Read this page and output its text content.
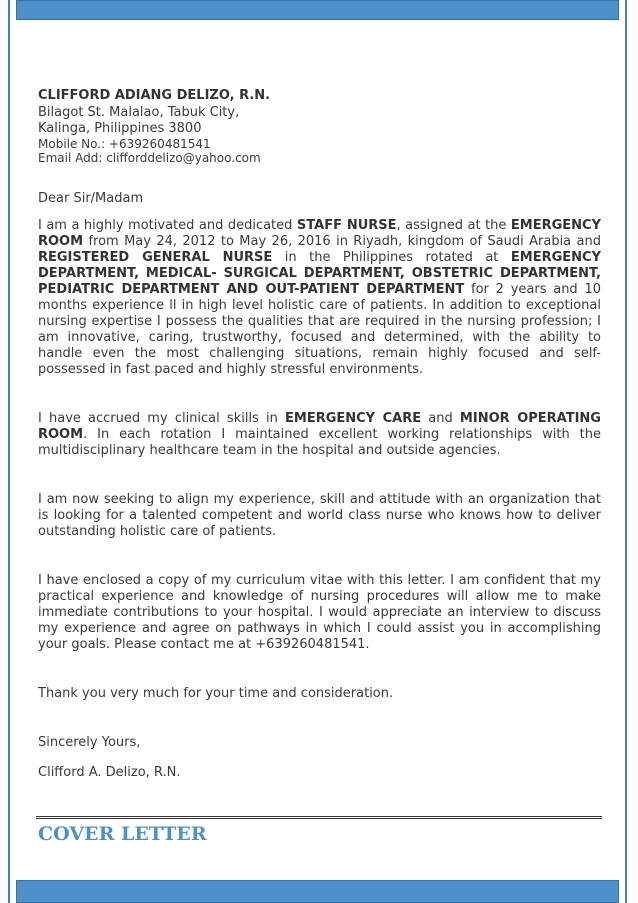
CLIFFORD ADIANG DELIZO, R.N.

Bilagot St. Malalao, Tabuk City,

Kalinga, Philippines 3800

Mobile No.: +639260481541

Email Add: clifforddelizo@yahoo.com

Dear Sir/Madam

I am a highly motivated and dedicated STAFF NURSE, assigned at the EMERGENCY ROOM from May 24, 2012 to May 26, 2016 in Riyadh, kingdom of Saudi Arabia and REGISTERED GENERAL NURSE in the Philippines rotated at EMERGENCY DEPARTMENT, MEDICAL- SURGICAL DEPARTMENT, OBSTETRIC DEPARTMENT, PEDIATRIC DEPARTMENT AND OUT-PATIENT DEPARTMENT for 2 years and 10 months experience ll in high level holistic care of patients. In addition to exceptional nursing expertise I possess the qualities that are required in the nursing profession; I am innovative, caring, trustworthy, focused and determined, with the ability to handle even the most challenging situations, remain highly focused and self-possessed in fast paced and highly stressful environments.

I have accrued my clinical skills in EMERGENCY CARE and MINOR OPERATING ROOM. In each rotation I maintained excellent working relationships with the multidisciplinary healthcare team in the hospital and outside agencies.

I am now seeking to align my experience, skill and attitude with an organization that is looking for a talented competent and world class nurse who knows how to deliver outstanding holistic care of patients.

I have enclosed a copy of my curriculum vitae with this letter. I am confident that my practical experience and knowledge of nursing procedures will allow me to make immediate contributions to your hospital. I would appreciate an interview to discuss my experience and agree on pathways in which I could assist you in accomplishing your goals. Please contact me at +639260481541.

Thank you very much for your time and consideration.

Sincerely Yours,

Clifford A. Delizo, R.N.

COVER LETTER
